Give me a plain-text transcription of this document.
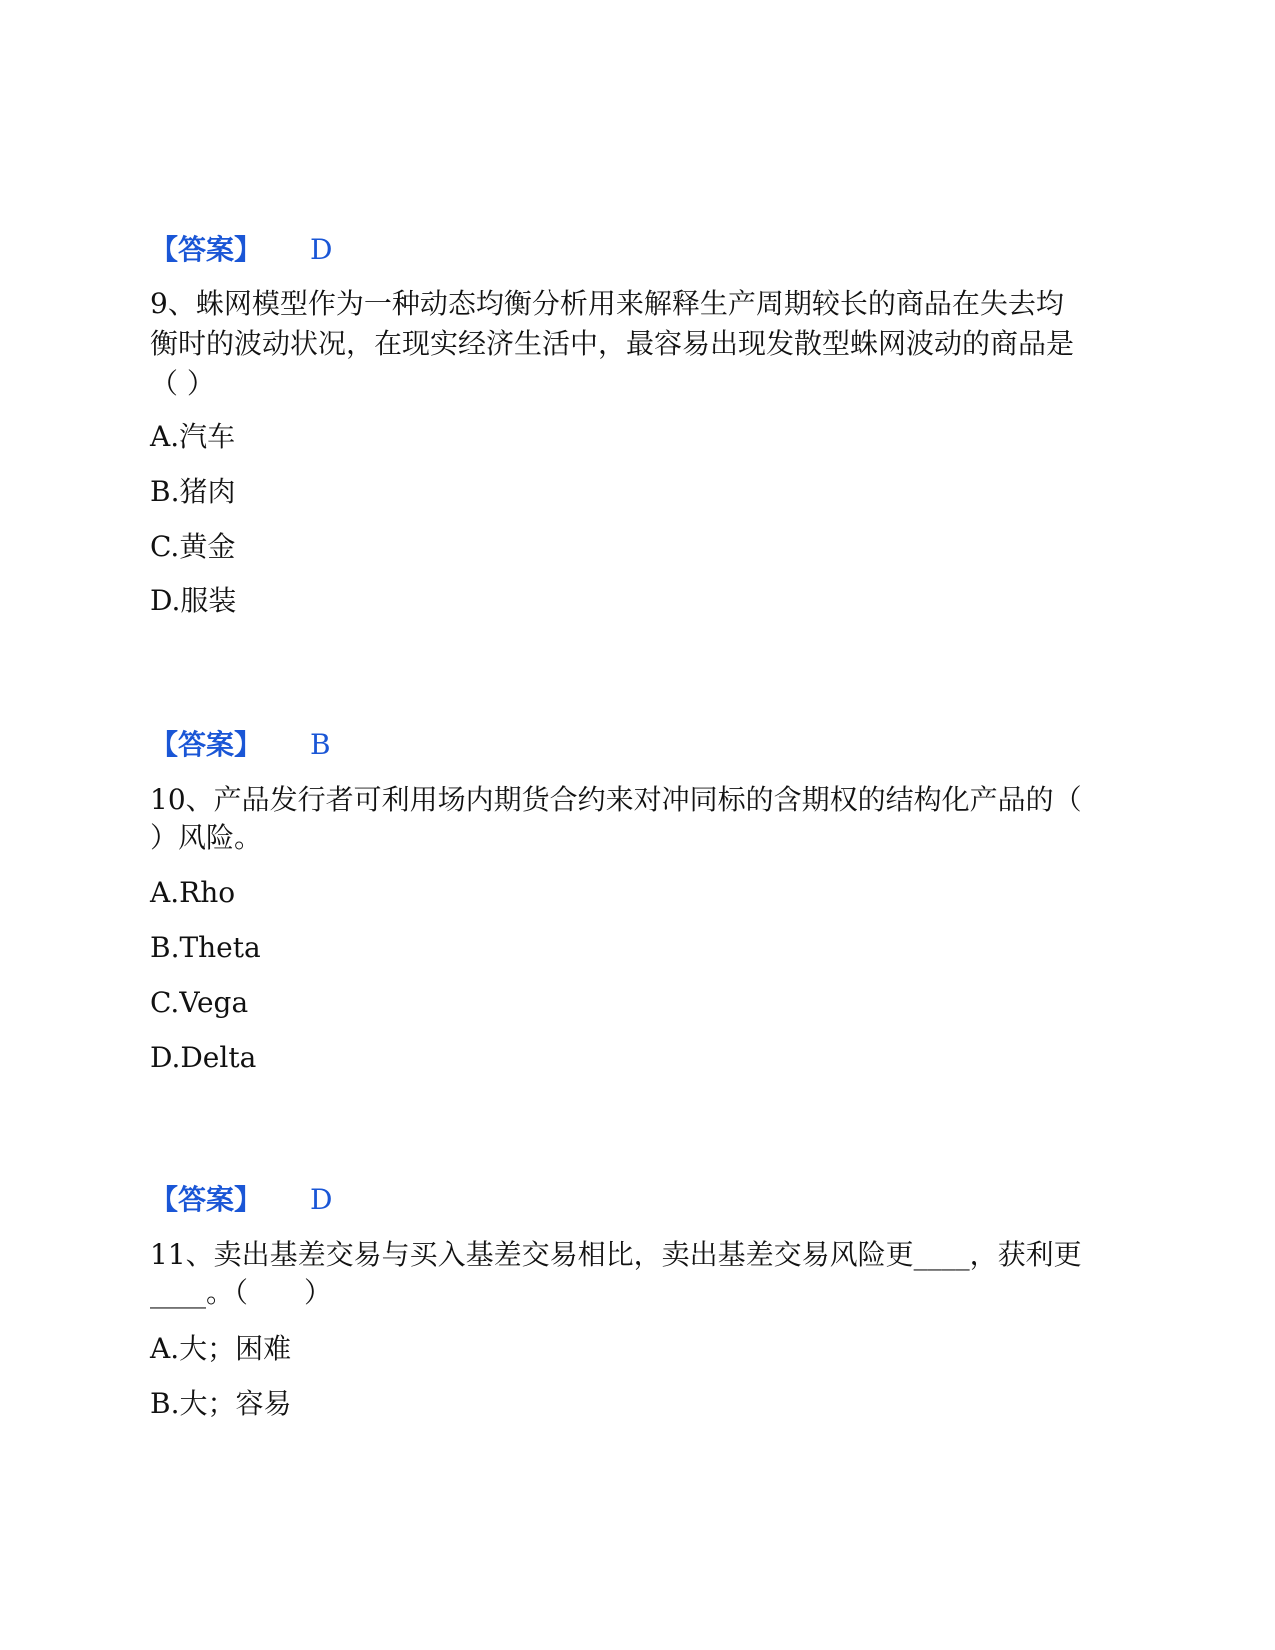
【答案】 D
9、蛛网模型作为一种动态均衡分析用来解释生产周期较长的商品在失去均
衡时的波动状况，在现实经济生活中，最容易出现发散型蛛网波动的商品是
（ ）
A.汽车
B.猪肉
C.黄金
D.服装
【答案】 B
10、产品发行者可利用场内期货合约来对冲同标的含期权的结构化产品的（
）风险。
A.Rho
B.Theta
C.Vega
D.Delta
【答案】 D
11、卖出基差交易与买入基差交易相比，卖出基差交易风险更____，获利更
____。（　　）
A.大；困难
B.大；容易
